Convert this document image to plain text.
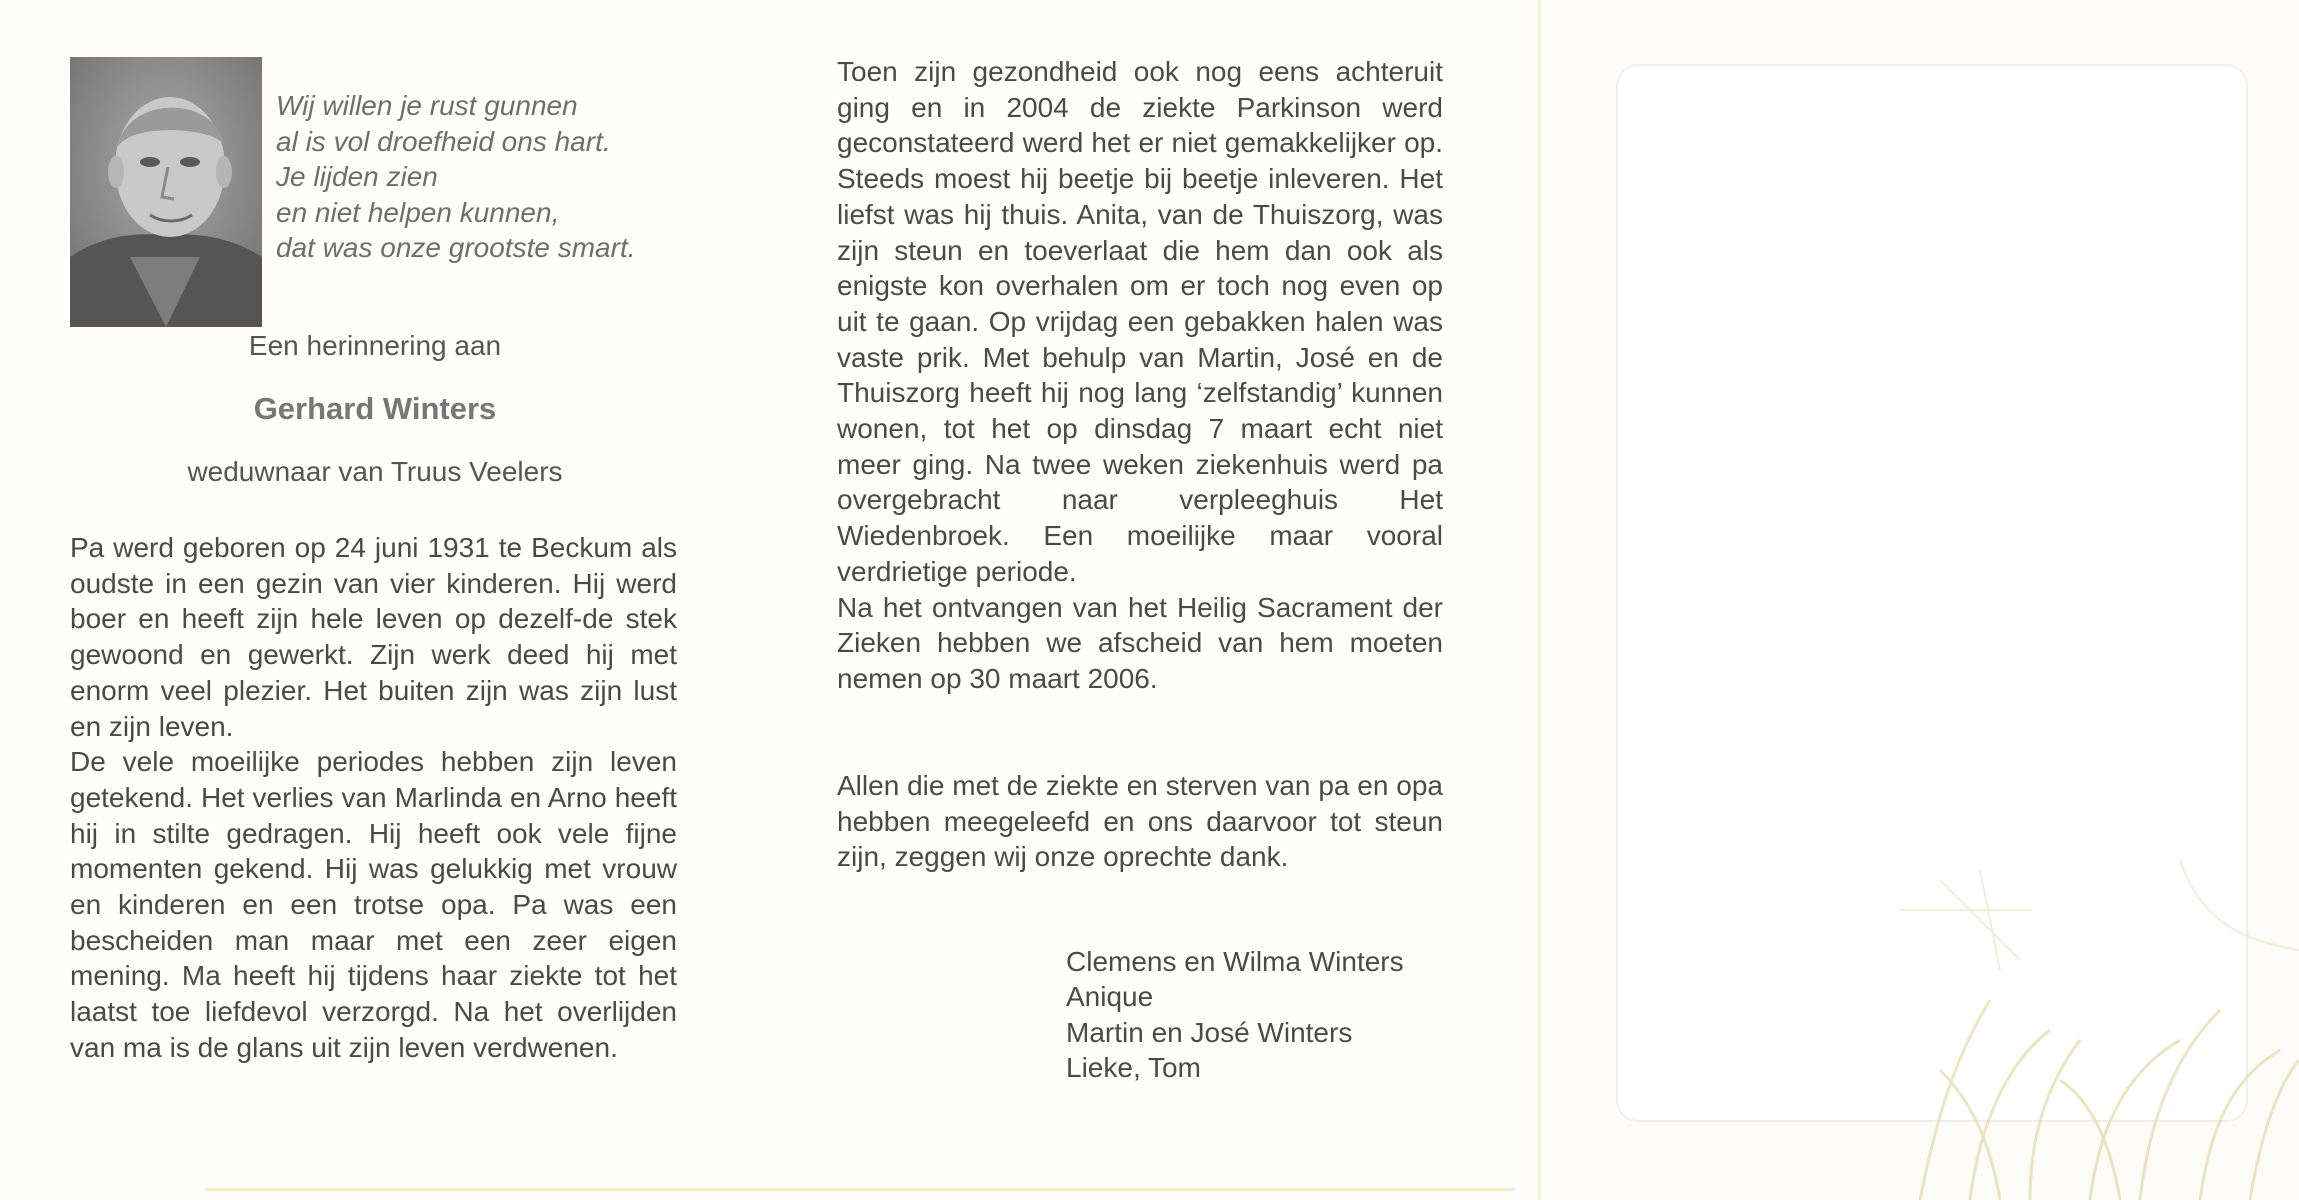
Wij willen je rust gunnen
al is vol droefheid ons hart.
Je lijden zien
en niet helpen kunnen,
dat was onze grootste smart.
Een herinnering aan
Gerhard Winters
weduwnaar van Truus Veelers

Pa werd geboren op 24 juni 1931 te Beckum als oudste in een gezin van vier kinderen. Hij werd boer en heeft zijn hele leven op dezelf-de stek gewoond en gewerkt. Zijn werk deed hij met enorm veel plezier. Het buiten zijn was zijn lust en zijn leven.

De vele moeilijke periodes hebben zijn leven getekend. Het verlies van Marlinda en Arno heeft hij in stilte gedragen. Hij heeft ook vele fijne momenten gekend. Hij was gelukkig met vrouw en kinderen en een trotse opa. Pa was een bescheiden man maar met een zeer eigen mening. Ma heeft hij tijdens haar ziekte tot het laatst toe liefdevol verzorgd. Na het overlijden van ma is de glans uit zijn leven verdwenen.

Toen zijn gezondheid ook nog eens achteruit ging en in 2004 de ziekte Parkinson werd geconstateerd werd het er niet gemakkelijker op. Steeds moest hij beetje bij beetje inleveren. Het liefst was hij thuis. Anita, van de Thuiszorg, was zijn steun en toeverlaat die hem dan ook als enigste kon overhalen om er toch nog even op uit te gaan. Op vrijdag een gebakken halen was vaste prik. Met behulp van Martin, José en de Thuiszorg heeft hij nog lang ‘zelfstandig’ kunnen wonen, tot het op dinsdag 7 maart echt niet meer ging. Na twee weken ziekenhuis werd pa overgebracht naar verpleeghuis Het Wiedenbroek. Een moeilijke maar vooral verdrietige periode.

Na het ontvangen van het Heilig Sacrament der Zieken hebben we afscheid van hem moeten nemen op 30 maart 2006.

Allen die met de ziekte en sterven van pa en opa hebben meegeleefd en ons daarvoor tot steun zijn, zeggen wij onze oprechte dank.

Clemens en Wilma Winters
Anique
Martin en José Winters
Lieke, Tom
